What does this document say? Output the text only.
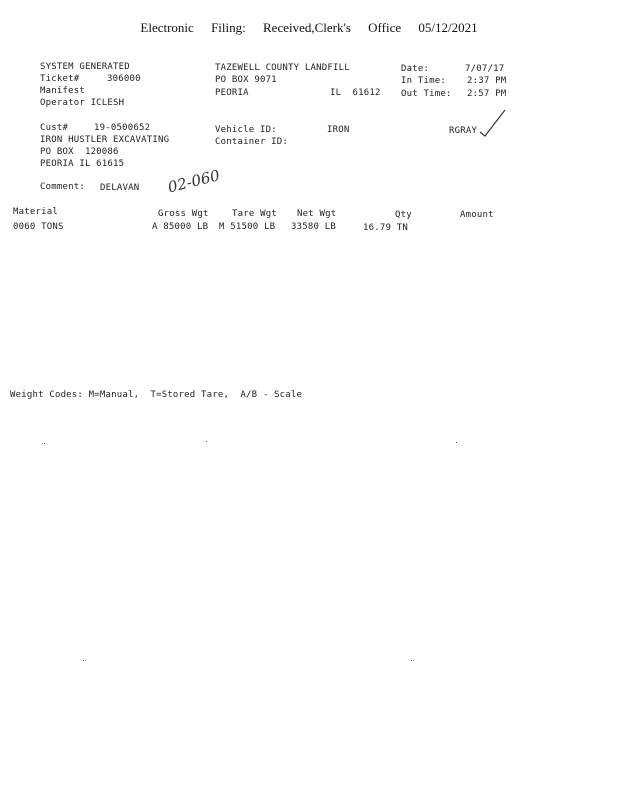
Electronic Filing: Received,Clerk's Office 05/12/2021
SYSTEM GENERATED
Ticket#	306000
Manifest
Operator ICLESH
TAZEWELL COUNTY LANDFILL
PO BOX 9071
PEORIA	IL  61612
Date:	7/07/17
In Time: 2:37 PM
Out Time: 2:57 PM
Cust#	19-0500652
IRON HUSTLER EXCAVATING
PO BOX  120086
PEORIA IL 61615
Vehicle ID:	IRON
Container ID:
RGRAY
Comment: DELAVAN 02-060
Material	Gross Wgt	Tare Wgt Net Wgt	Qty	Amount
0060 TONS	A 85000 LB M 51500 LB 33580 LB	16.79 TN
Weight Codes: M=Manual,  T=Stored Tare,  A/B - Scale
